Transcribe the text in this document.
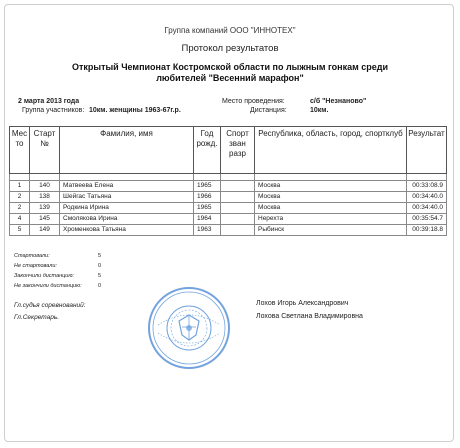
Группа компаний ООО "ИННОТЕХ"
Протокол результатов
Открытый Чемпионат Костромской области по лыжным гонкам среди
любителей "Весенний марафон"
2 марта 2013 года
Группа участников: 10км. женщины 1963-67г.р.
Место проведения:	с/б "Незнаново"
Дистанция:	10км.
Мес то	Старт №	Фамилия, имя	Год рожд.	Спорт зван разр	Республика, область, город, спортклуб	Результат

1	140	Матвеева Елена	1965		Москва	00:33:08.9
2	138	Шейгас Татьяна	1966		Москва	00:34:40.0
2	139	Родкина Ирина	1965		Москва	00:34:40.0
4	145	Смолякова Ирина	1964		Нерехта	00:35:54.7
5	149	Хроменкова Татьяна	1963		Рыбинск	00:39:18.8
Стартовали:	5
Не стартовали:	0
Закончили дистанцию:	5
Не закончили дистанцию:	0
Гл.судья соревнований:	Лохов Игорь Александрович
Гл.Секретарь.	Лохова Светлана Владимировна
